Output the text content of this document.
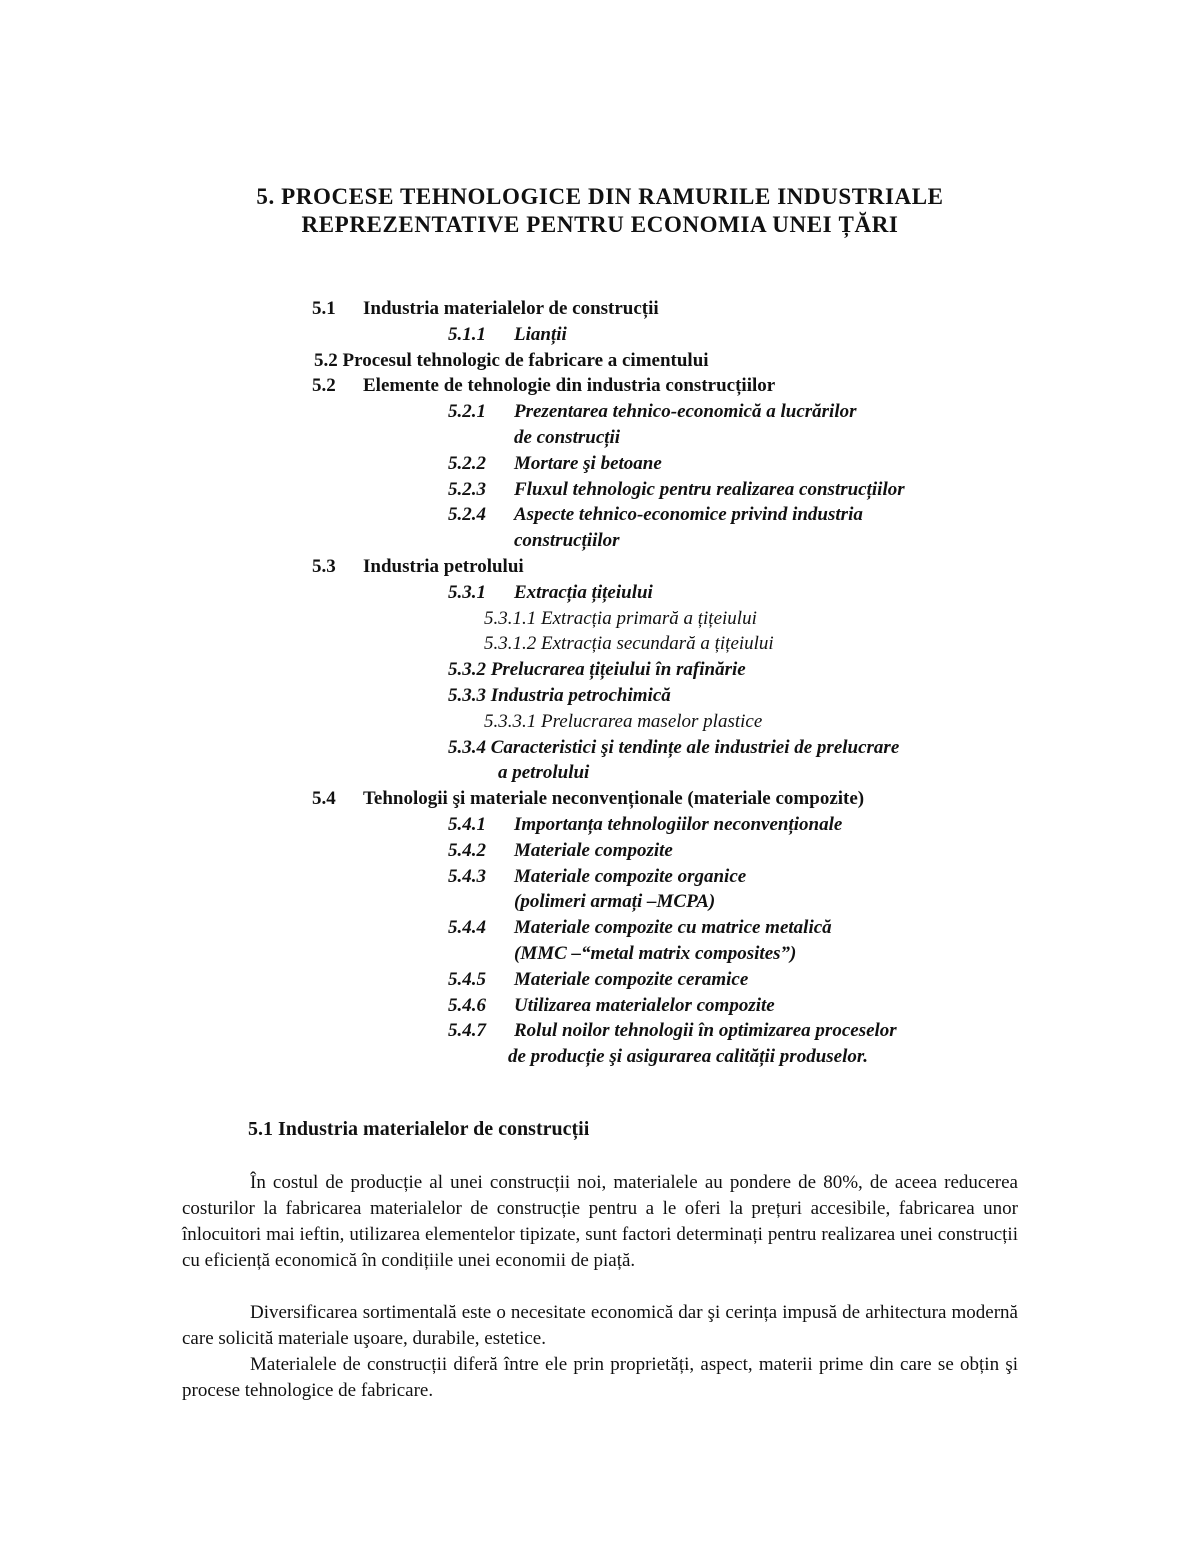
5. PROCESE TEHNOLOGICE DIN RAMURILE INDUSTRIALE
REPREZENTATIVE PENTRU ECONOMIA UNEI ȚĂRI
5.1 Industria materialelor de construcții
5.1.1 Lianții
5.2 Procesul tehnologic de fabricare a cimentului
5.2 Elemente de tehnologie din industria construcțiilor
5.2.1 Prezentarea tehnico-economică a lucrărilor
de construcții
5.2.2 Mortare şi betoane
5.2.3 Fluxul tehnologic pentru realizarea construcțiilor
5.2.4 Aspecte tehnico-economice privind industria
construcțiilor
5.3 Industria petrolului
5.3.1 Extracția țițeiului
5.3.1.1 Extracția primară a țițeiului
5.3.1.2 Extracția secundară a țițeiului
5.3.2 Prelucrarea țițeiului în rafinărie
5.3.3 Industria petrochimică
5.3.3.1 Prelucrarea maselor plastice
5.3.4 Caracteristici şi tendințe ale industriei de prelucrare
a petrolului
5.4 Tehnologii şi materiale neconvenționale (materiale compozite)
5.4.1 Importanța tehnologiilor neconvenționale
5.4.2 Materiale compozite
5.4.3 Materiale compozite organice
(polimeri armați –MCPA)
5.4.4 Materiale compozite cu matrice metalică
(MMC –“metal matrix composites”)
5.4.5 Materiale compozite ceramice
5.4.6 Utilizarea materialelor compozite
5.4.7 Rolul noilor tehnologii în optimizarea proceselor
de producție şi asigurarea calității produselor.
5.1 Industria materialelor de construcții

În costul de producție al unei construcții noi, materialele au pondere de 80%, de aceea reducerea costurilor la fabricarea materialelor de construcție pentru a le oferi la prețuri accesibile, fabricarea unor înlocuitori mai ieftin, utilizarea elementelor tipizate, sunt factori determinați pentru realizarea unei construcții cu eficiență economică în condițiile unei economii de piață.

Diversificarea sortimentală este o necesitate economică dar şi cerința impusă de arhitectura modernă care solicită materiale uşoare, durabile, estetice.

Materialele de construcții diferă între ele prin proprietăți, aspect, materii prime din care se obțin şi procese tehnologice de fabricare.
